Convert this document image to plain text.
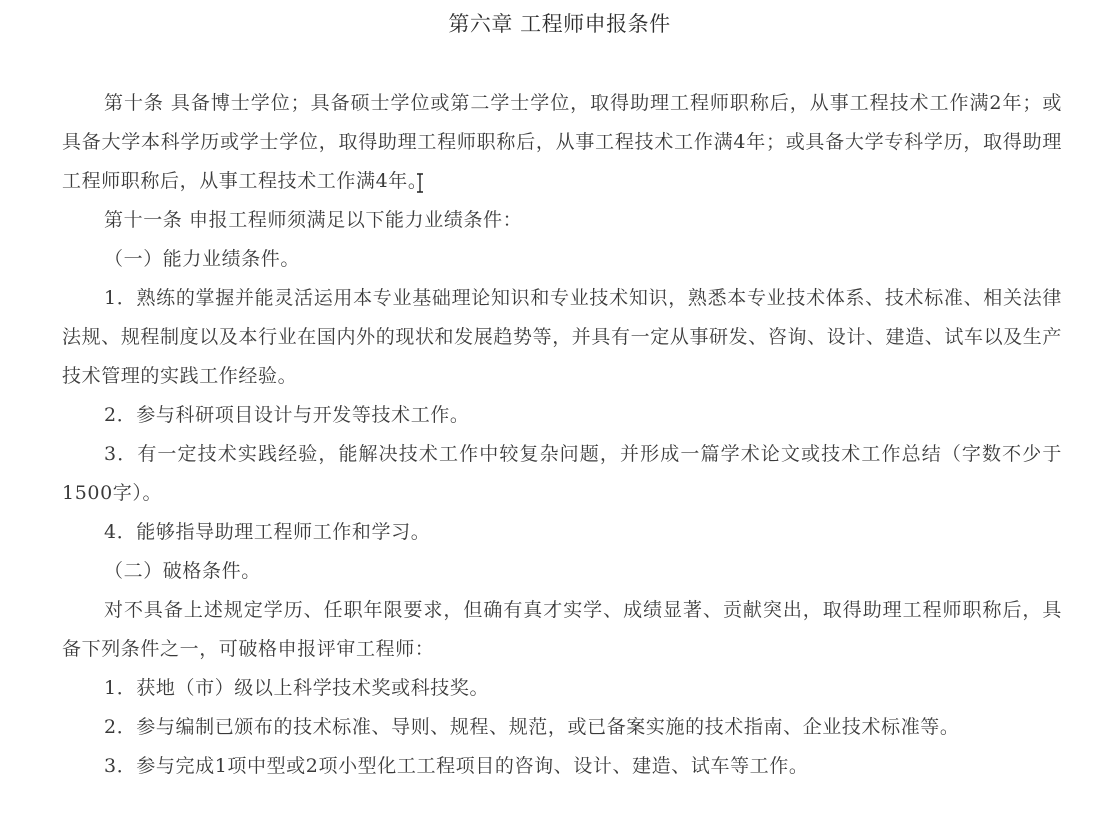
第六章 工程师申报条件

第十条 具备博士学位；具备硕士学位或第二学士学位，取得助理工程师职称后，从事工程技术工作满2年；或具备大学本科学历或学士学位，取得助理工程师职称后，从事工程技术工作满4年；或具备大学专科学历，取得助理工程师职称后，从事工程技术工作满4年。

第十一条 申报工程师须满足以下能力业绩条件：

（一）能力业绩条件。

1．熟练的掌握并能灵活运用本专业基础理论知识和专业技术知识，熟悉本专业技术体系、技术标准、相关法律法规、规程制度以及本行业在国内外的现状和发展趋势等，并具有一定从事研发、咨询、设计、建造、试车以及生产技术管理的实践工作经验。

2．参与科研项目设计与开发等技术工作。

3．有一定技术实践经验，能解决技术工作中较复杂问题，并形成一篇学术论文或技术工作总结（字数不少于1500字）。

4．能够指导助理工程师工作和学习。

（二）破格条件。

对不具备上述规定学历、任职年限要求，但确有真才实学、成绩显著、贡献突出，取得助理工程师职称后，具备下列条件之一，可破格申报评审工程师：

1．获地（市）级以上科学技术奖或科技奖。

2．参与编制已颁布的技术标准、导则、规程、规范，或已备案实施的技术指南、企业技术标准等。

3．参与完成1项中型或2项小型化工工程项目的咨询、设计、建造、试车等工作。
